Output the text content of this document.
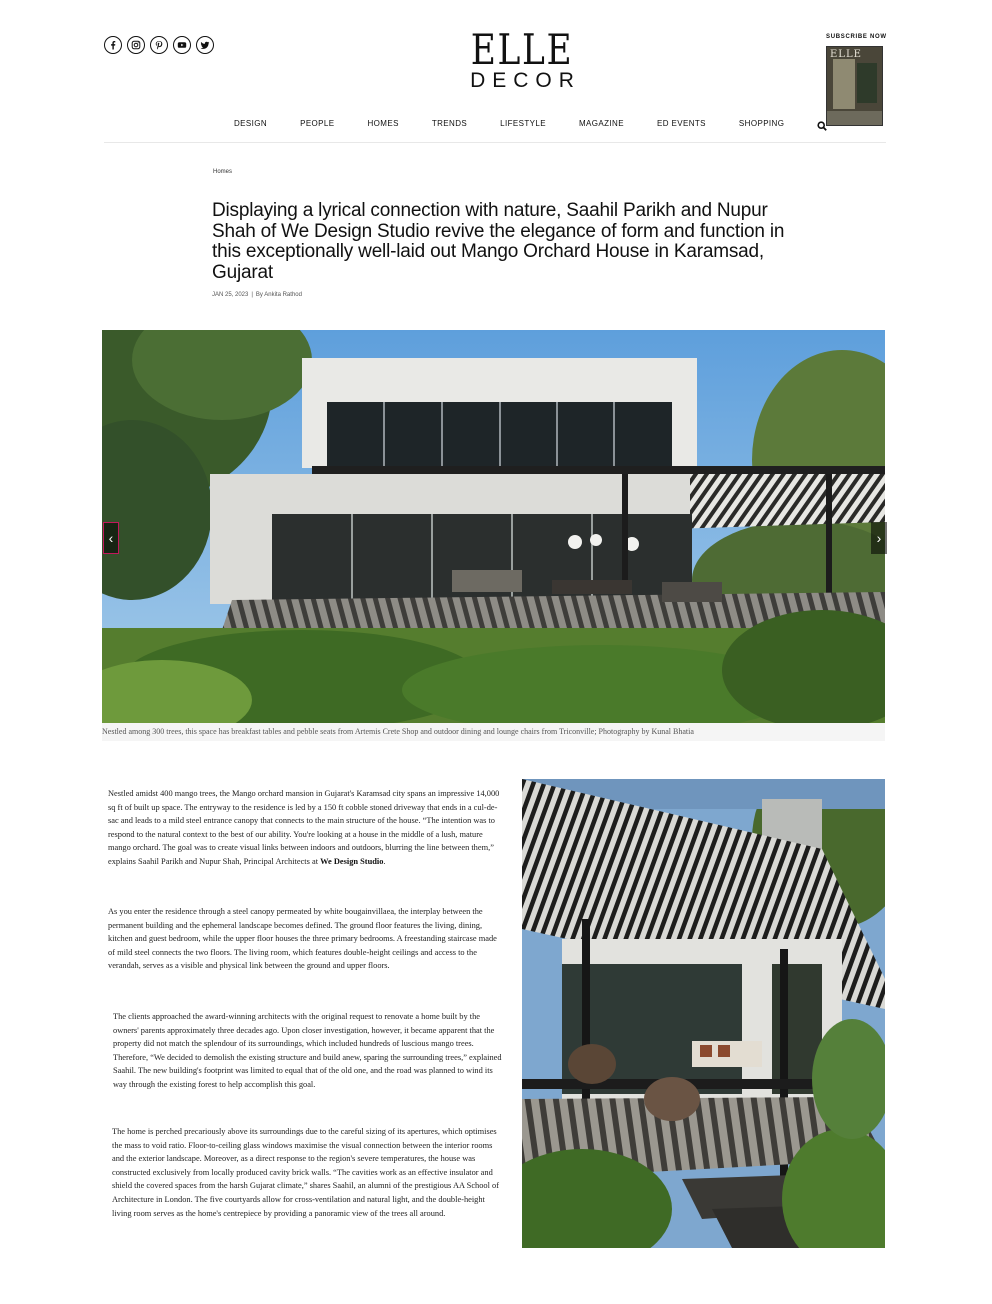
ELLE
DECOR
SUBSCRIBE NOW
ELLE
DESIGN	PEOPLE	HOMES	TRENDS	LIFESTYLE	MAGAZINE	ED EVENTS	SHOPPING
Homes
Displaying a lyrical connection with nature, Saahil Parikh and Nupur Shah of We Design Studio revive the elegance of form and function in this exceptionally well-laid out Mango Orchard House in Karamsad, Gujarat
JAN 25, 2023 | By Ankita Rathod
‹	›
Nestled among 300 trees, this space has breakfast tables and pebble seats from Artemis Crete Shop and outdoor dining and lounge chairs from Triconville; Photography by Kunal Bhatia

Nestled amidst 400 mango trees, the Mango orchard mansion in Gujarat's Karamsad city spans an impressive 14,000 sq ft of built up space. The entryway to the residence is led by a 150 ft cobble stoned driveway that ends in a cul-de-sac and leads to a mild steel entrance canopy that connects to the main structure of the house. “The intention was to respond to the natural context to the best of our ability. You're looking at a house in the middle of a lush, mature mango orchard. The goal was to create visual links between indoors and outdoors, blurring the line between them,” explains Saahil Parikh and Nupur Shah, Principal Architects at We Design Studio.

As you enter the residence through a steel canopy permeated by white bougainvillaea, the interplay between the permanent building and the ephemeral landscape becomes defined. The ground floor features the living, dining, kitchen and guest bedroom, while the upper floor houses the three primary bedrooms. A freestanding staircase made of mild steel connects the two floors. The living room, which features double-height ceilings and access to the verandah, serves as a visible and physical link between the ground and upper floors.

The clients approached the award-winning architects with the original request to renovate a home built by the owners' parents approximately three decades ago. Upon closer investigation, however, it became apparent that the property did not match the splendour of its surroundings, which included hundreds of luscious mango trees. Therefore, “We decided to demolish the existing structure and build anew, sparing the surrounding trees,” explained Saahil. The new building's footprint was limited to equal that of the old one, and the road was planned to wind its way through the existing forest to help accomplish this goal.

The home is perched precariously above its surroundings due to the careful sizing of its apertures, which optimises the mass to void ratio. Floor-to-ceiling glass windows maximise the visual connection between the interior rooms and the exterior landscape. Moreover, as a direct response to the region's severe temperatures, the house was constructed exclusively from locally produced cavity brick walls. “The cavities work as an effective insulator and shield the covered spaces from the harsh Gujarat climate,” shares Saahil, an alumni of the prestigious AA School of Architecture in London. The five courtyards allow for cross-ventilation and natural light, and the double-height living room serves as the home's centrepiece by providing a panoramic view of the trees all around.
